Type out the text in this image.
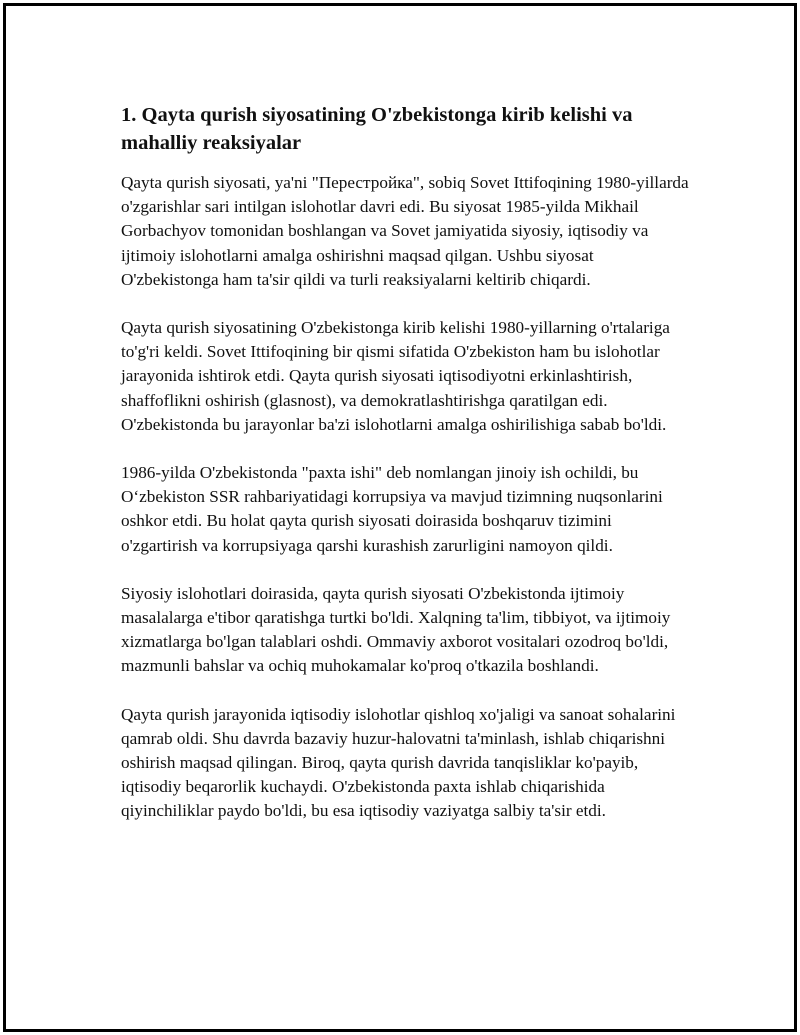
1. Qayta qurish siyosatining O'zbekistonga kirib kelishi va mahalliy reaksiyalar

Qayta qurish siyosati, ya'ni "Перестройка", sobiq Sovet Ittifoqining 1980-yillarda o'zgarishlar sari intilgan islohotlar davri edi. Bu siyosat 1985-yilda Mikhail Gorbachyov tomonidan boshlangan va Sovet jamiyatida siyosiy, iqtisodiy va ijtimoiy islohotlarni amalga oshirishni maqsad qilgan. Ushbu siyosat O'zbekistonga ham ta'sir qildi va turli reaksiyalarni keltirib chiqardi.

Qayta qurish siyosatining O'zbekistonga kirib kelishi 1980-yillarning o'rtalariga to'g'ri keldi. Sovet Ittifoqining bir qismi sifatida O'zbekiston ham bu islohotlar jarayonida ishtirok etdi. Qayta qurish siyosati iqtisodiyotni erkinlashtirish, shaffoflikni oshirish (glasnost), va demokratlashtirishga qaratilgan edi. O'zbekistonda bu jarayonlar ba'zi islohotlarni amalga oshirilishiga sabab bo'ldi.

1986-yilda O'zbekistonda "paxta ishi" deb nomlangan jinoiy ish ochildi, bu O‘zbekiston SSR rahbariyatidagi korrupsiya va mavjud tizimning nuqsonlarini oshkor etdi. Bu holat qayta qurish siyosati doirasida boshqaruv tizimini o'zgartirish va korrupsiyaga qarshi kurashish zarurligini namoyon qildi.

Siyosiy islohotlari doirasida, qayta qurish siyosati O'zbekistonda ijtimoiy masalalarga e'tibor qaratishga turtki bo'ldi. Xalqning ta'lim, tibbiyot, va ijtimoiy xizmatlarga bo'lgan talablari oshdi. Ommaviy axborot vositalari ozodroq bo'ldi, mazmunli bahslar va ochiq muhokamalar ko'proq o'tkazila boshlandi.

Qayta qurish jarayonida iqtisodiy islohotlar qishloq xo'jaligi va sanoat sohalarini qamrab oldi. Shu davrda bazaviy huzur-halovatni ta'minlash, ishlab chiqarishni oshirish maqsad qilingan. Biroq, qayta qurish davrida tanqisliklar ko'payib, iqtisodiy beqarorlik kuchaydi. O'zbekistonda paxta ishlab chiqarishida qiyinchiliklar paydo bo'ldi, bu esa iqtisodiy vaziyatga salbiy ta'sir etdi.
